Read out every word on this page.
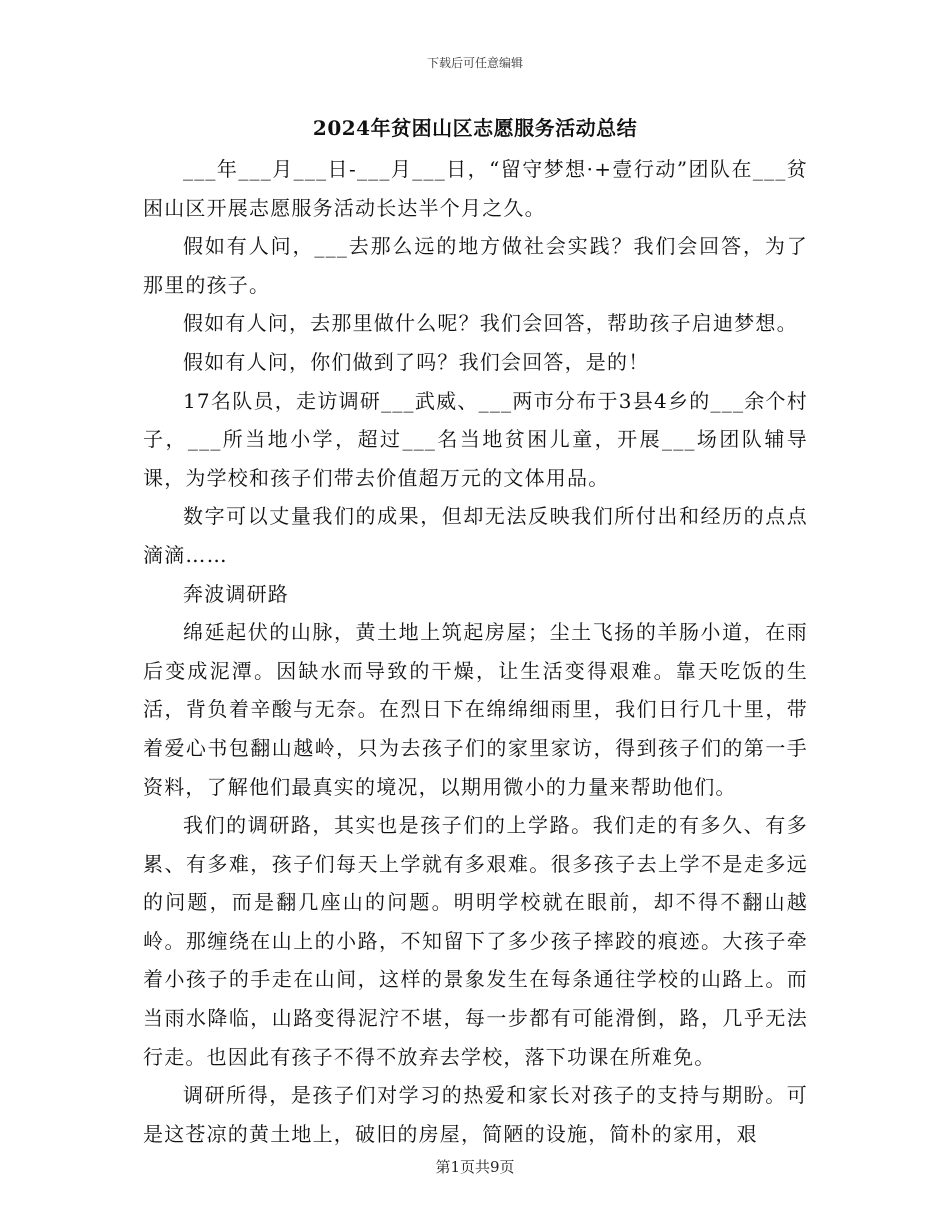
下载后可任意编辑
2024年贫困山区志愿服务活动总结

___年___月___日-___月___日，“留守梦想·+壹行动”团队在___贫困山区开展志愿服务活动长达半个月之久。

假如有人问，___去那么远的地方做社会实践？我们会回答，为了那里的孩子。

假如有人问，去那里做什么呢？我们会回答，帮助孩子启迪梦想。

假如有人问，你们做到了吗？我们会回答，是的！

17名队员，走访调研___武威、___两市分布于3县4乡的___余个村子，___所当地小学，超过___名当地贫困儿童，开展___场团队辅导课，为学校和孩子们带去价值超万元的文体用品。

数字可以丈量我们的成果，但却无法反映我们所付出和经历的点点滴滴……

奔波调研路

绵延起伏的山脉，黄土地上筑起房屋；尘土飞扬的羊肠小道，在雨后变成泥潭。因缺水而导致的干燥，让生活变得艰难。靠天吃饭的生活，背负着辛酸与无奈。在烈日下在绵绵细雨里，我们日行几十里，带着爱心书包翻山越岭，只为去孩子们的家里家访，得到孩子们的第一手资料，了解他们最真实的境况，以期用微小的力量来帮助他们。

我们的调研路，其实也是孩子们的上学路。我们走的有多久、有多累、有多难，孩子们每天上学就有多艰难。很多孩子去上学不是走多远的问题，而是翻几座山的问题。明明学校就在眼前，却不得不翻山越岭。那缠绕在山上的小路，不知留下了多少孩子摔跤的痕迹。大孩子牵着小孩子的手走在山间，这样的景象发生在每条通往学校的山路上。而当雨水降临，山路变得泥泞不堪，每一步都有可能滑倒，路，几乎无法行走。也因此有孩子不得不放弃去学校，落下功课在所难免。

调研所得，是孩子们对学习的热爱和家长对孩子的支持与期盼。可是这苍凉的黄土地上，破旧的房屋，简陋的设施，简朴的家用，艰

第1页共9页
